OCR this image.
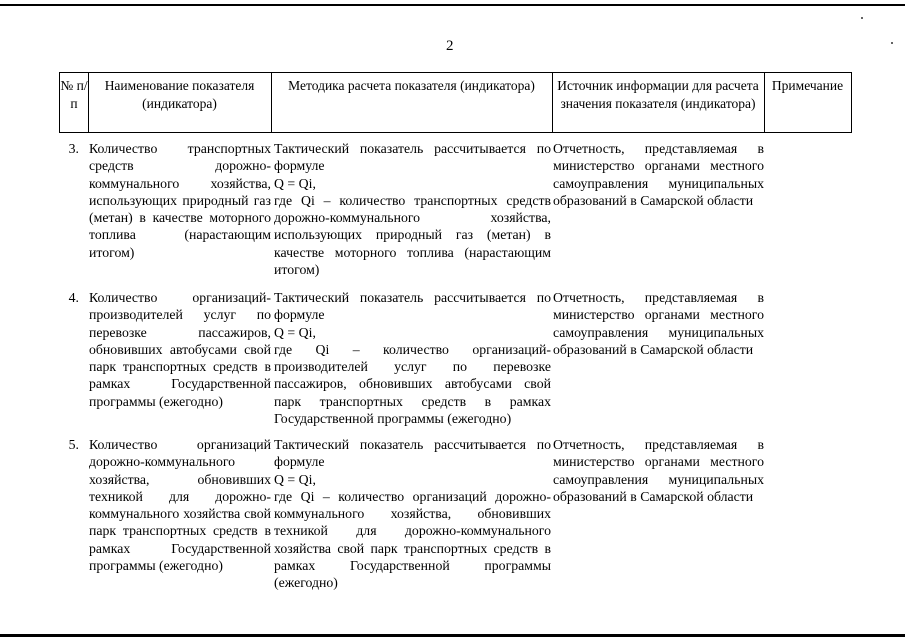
2
№ п/п
Наименование показателя (индикатора)
Методика расчета показателя (индикатора)	Источник информации для расчета значения показателя (индикатора)
Примечание
3. Количество транспортных средств дорожно-коммунального хозяйства, использующих природный газ (метан) в качестве моторного топлива (нарастающим итогом)
Тактический показатель рассчитывается по формуле
Q = Qi,
где Qi – количество транспортных средств дорожно-коммунального хозяйства, использующих природный газ (метан) в качестве моторного топлива (нарастающим итогом)
Отчетность, представляемая в министерство органами местного самоуправления муниципальных образований в Самарской области
4. Количество организаций-производителей услуг по перевозке пассажиров, обновивших автобусами свой парк транспортных средств в рамках Государственной программы (ежегодно)
Тактический показатель рассчитывается по формуле
Q = Qi,
где Qi – количество организаций-производителей услуг по перевозке пассажиров, обновивших автобусами свой парк транспортных средств в рамках Государственной программы (ежегодно)
Отчетность, представляемая в министерство органами местного самоуправления муниципальных образований в Самарской области
5. Количество организаций дорожно-коммунального хозяйства, обновивших техникой для дорожно-коммунального хозяйства свой парк транспортных средств в рамках Государственной программы (ежегодно)
Тактический показатель рассчитывается по формуле
Q = Qi,
где Qi – количество организаций дорожно-коммунального хозяйства, обновивших техникой для дорожно-коммунального хозяйства свой парк транспортных средств в рамках Государственной программы (ежегодно)
Отчетность, представляемая в министерство органами местного самоуправления муниципальных образований в Самарской области
